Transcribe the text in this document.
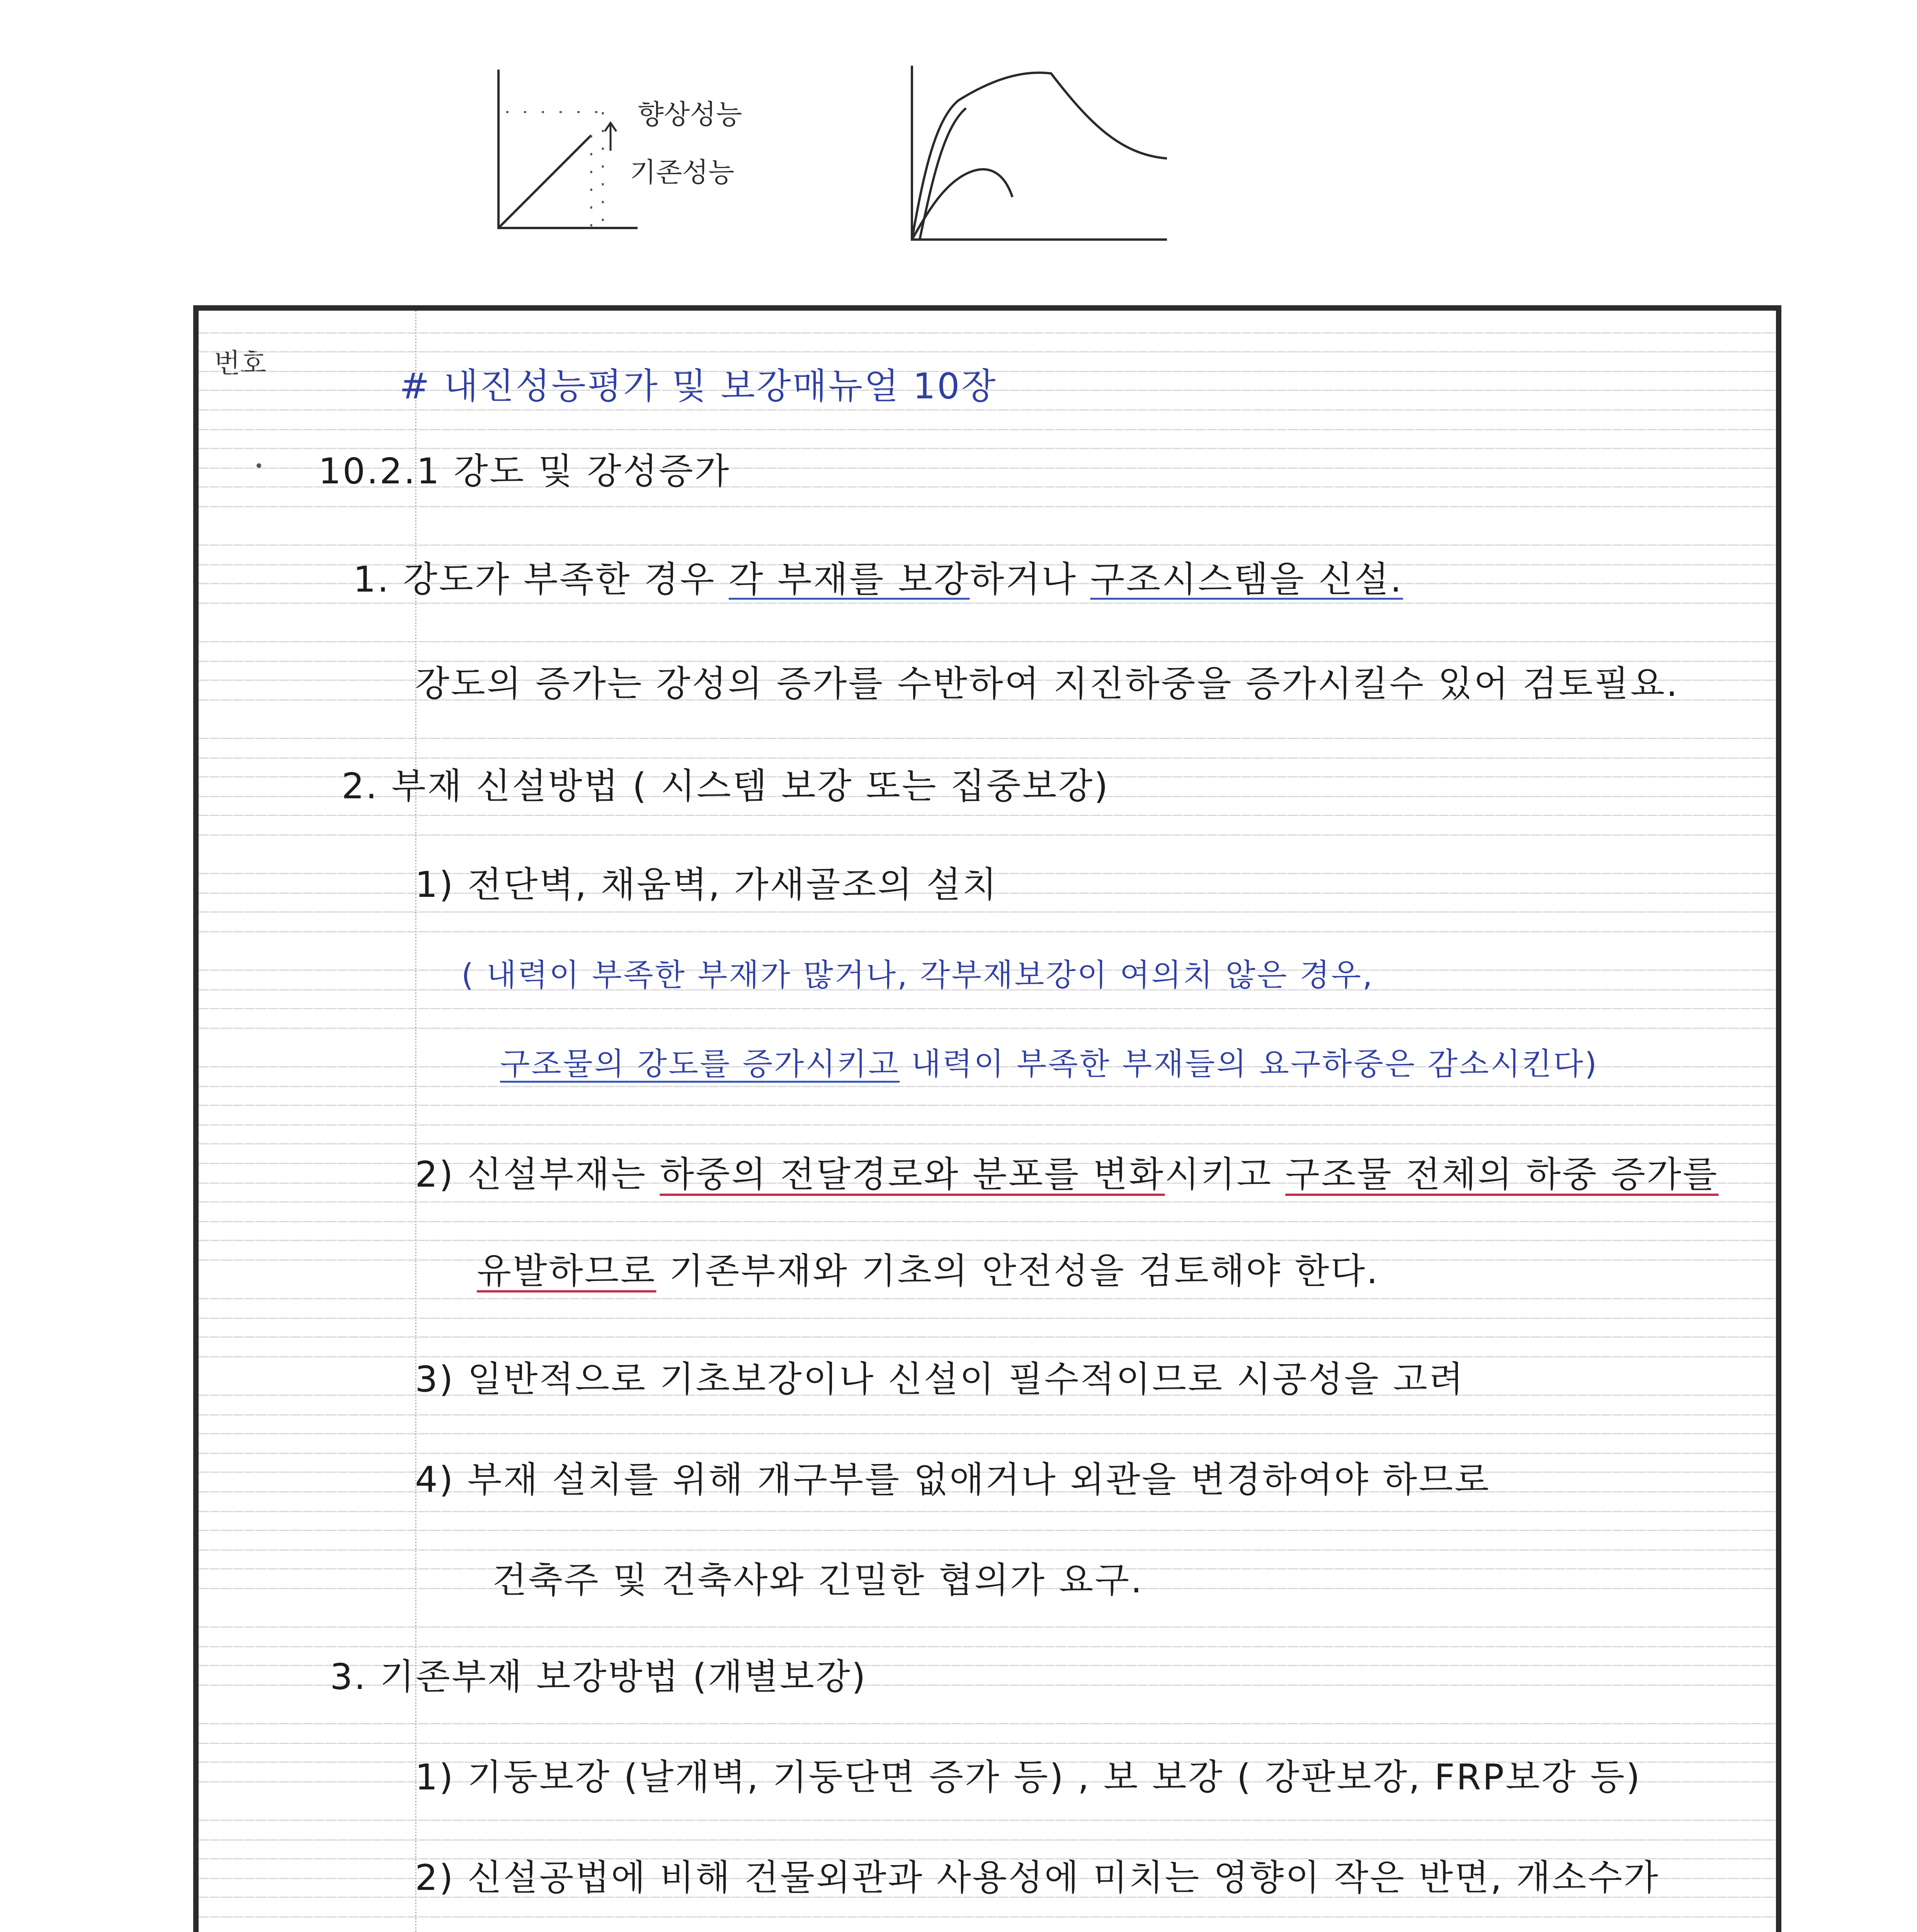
향상성능
기존성능
번호
# 내진성능평가 및 보강매뉴얼 10장
10.2.1 강도 및 강성증가
1. 강도가 부족한 경우 각 부재를 보강하거나 구조시스템을 신설.
강도의 증가는 강성의 증가를 수반하여 지진하중을 증가시킬수 있어 검토필요.
2. 부재 신설방법 ( 시스템 보강 또는 집중보강)
1) 전단벽, 채움벽, 가새골조의 설치
( 내력이 부족한 부재가 많거나, 각부재보강이 여의치 않은 경우,
구조물의 강도를 증가시키고 내력이 부족한 부재들의 요구하중은 감소시킨다)
2) 신설부재는 하중의 전달경로와 분포를 변화시키고 구조물 전체의 하중 증가를
유발하므로 기존부재와 기초의 안전성을 검토해야 한다.
3) 일반적으로 기초보강이나 신설이 필수적이므로 시공성을 고려
4) 부재 설치를 위해 개구부를 없애거나 외관을 변경하여야 하므로
건축주 및 건축사와 긴밀한 협의가 요구.
3. 기존부재 보강방법 (개별보강)
1) 기둥보강 (날개벽, 기둥단면 증가 등) , 보 보강 ( 강판보강, FRP보강 등)
2) 신설공법에 비해 건물외관과 사용성에 미치는 영향이 작은 반면, 개소수가
